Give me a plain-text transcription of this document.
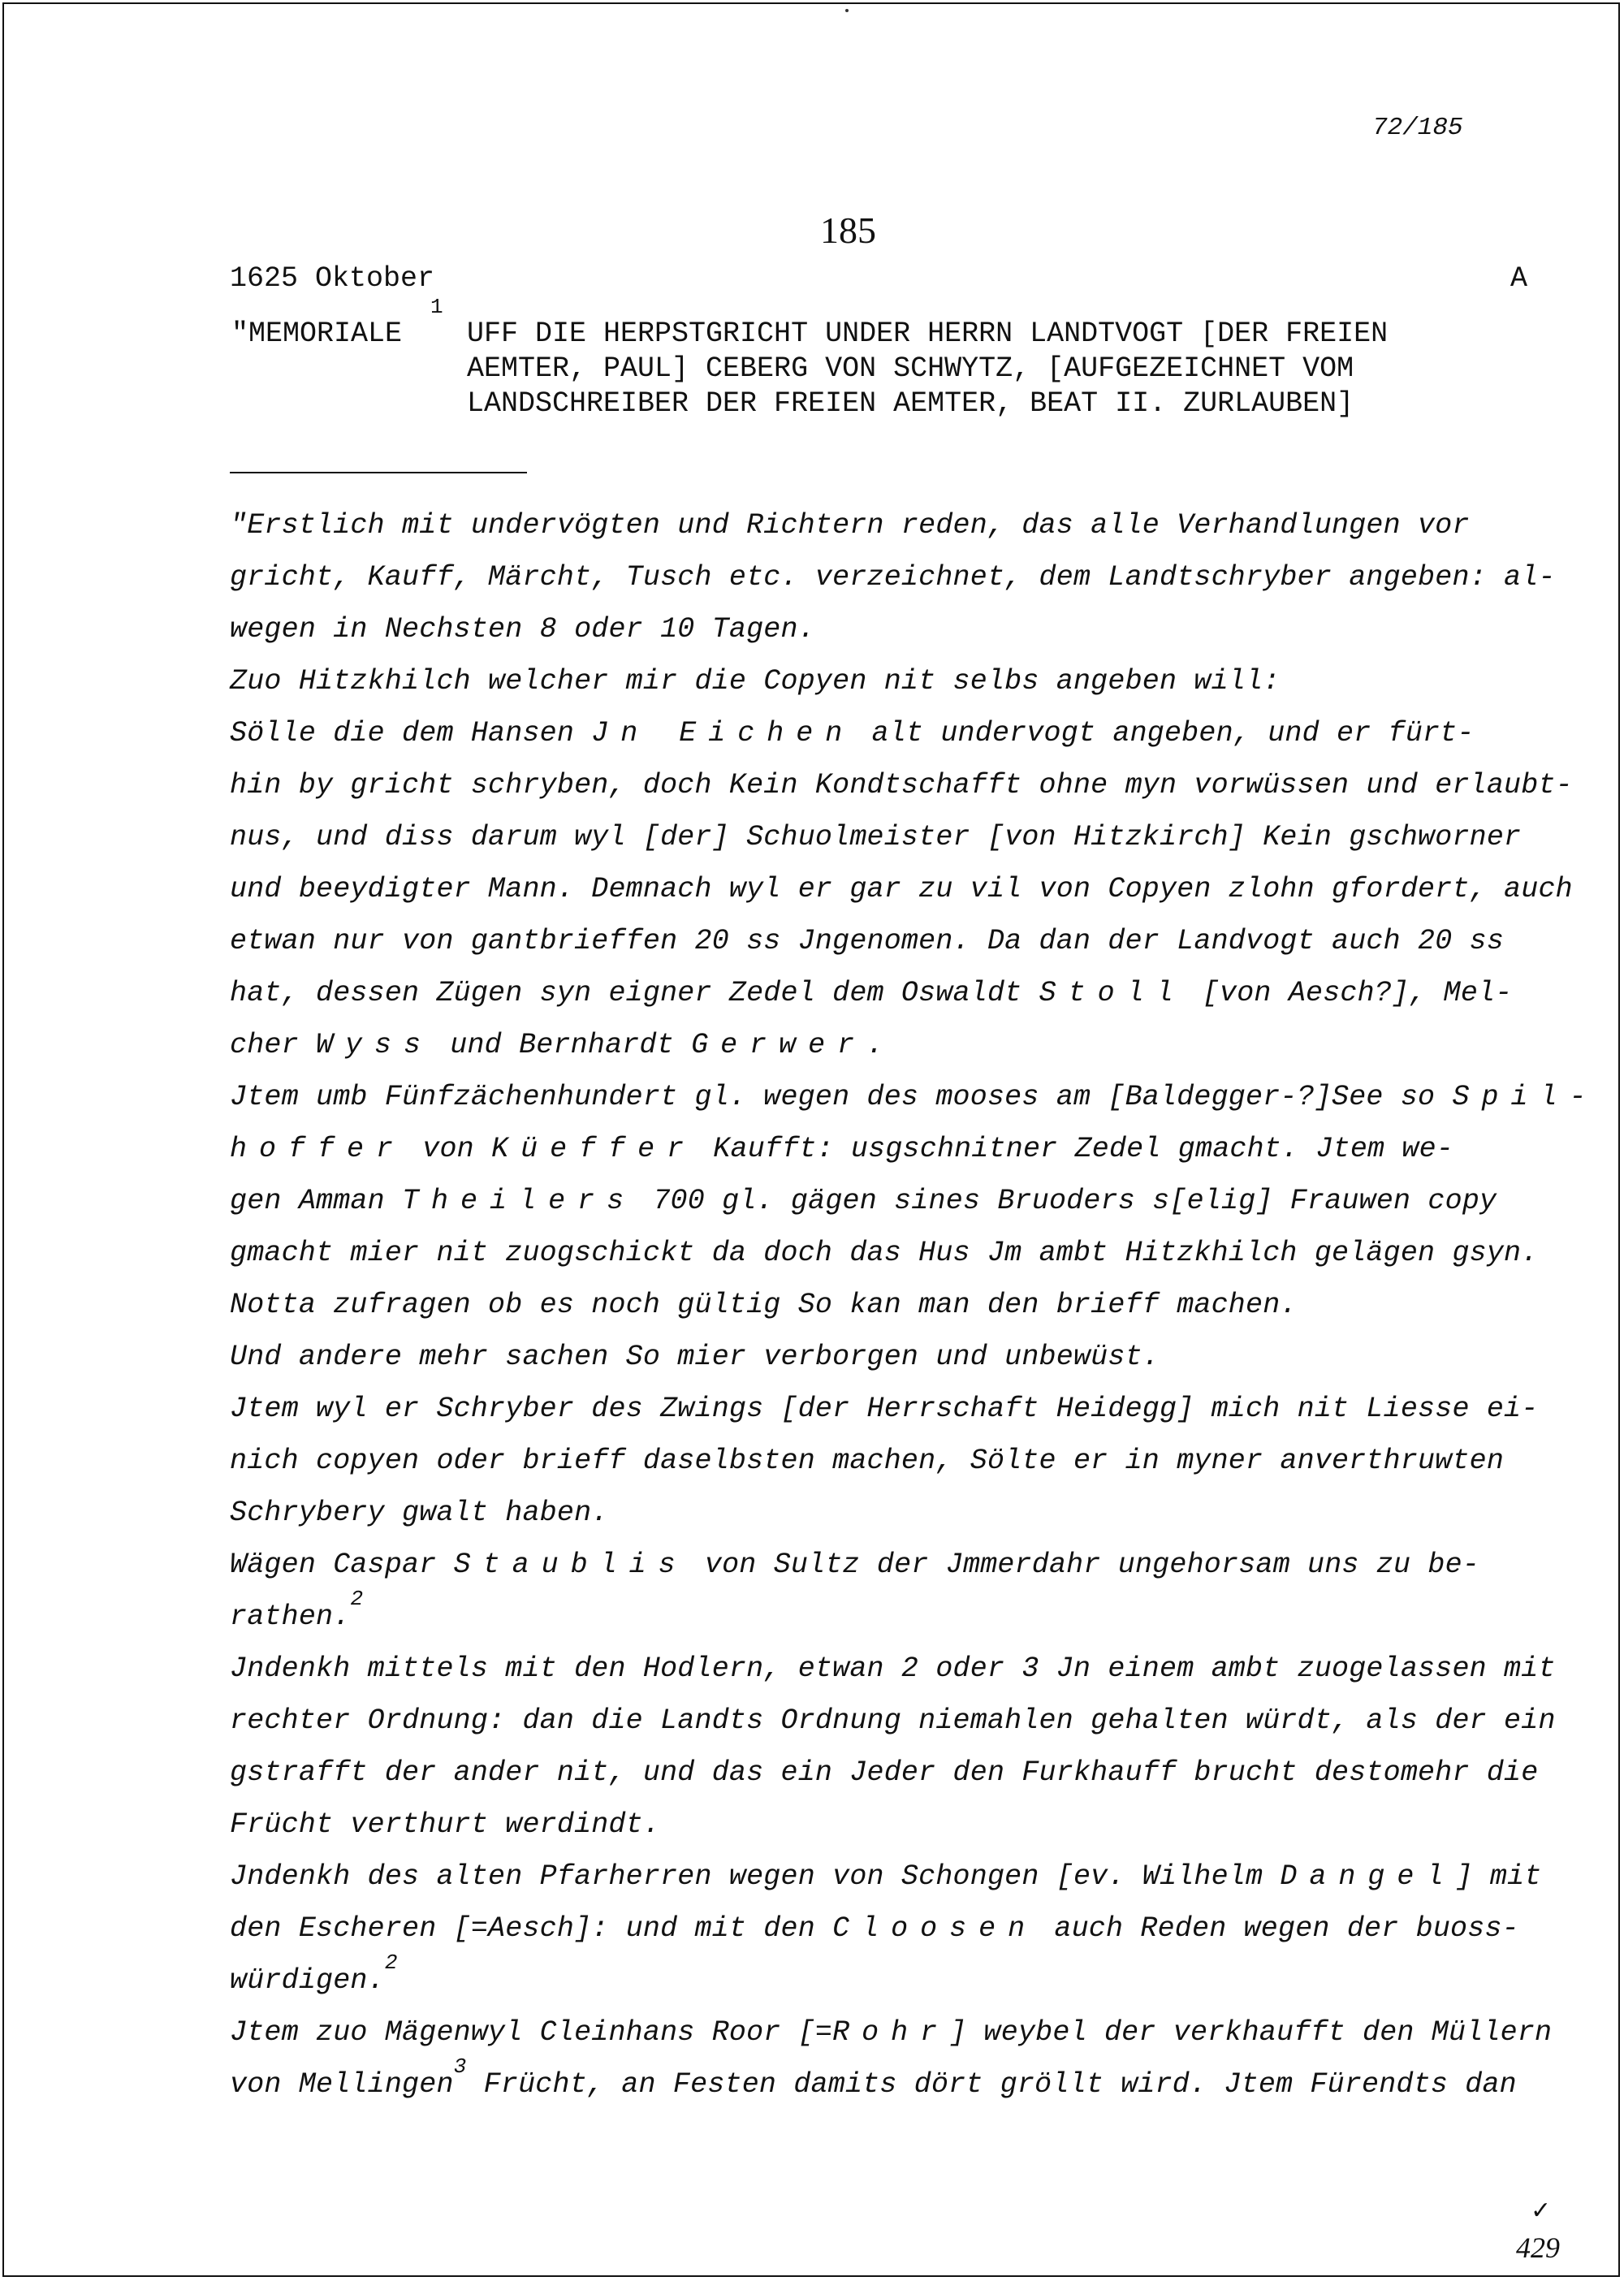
72/185
185
1625 Oktober	A
"MEMORIALE
1
UFF DIE HERPSTGRICHT UNDER HERRN LANDTVOGT [DER FREIEN
AEMTER, PAUL] CEBERG VON SCHWYTZ, [AUFGEZEICHNET VOM
LANDSCHREIBER DER FREIEN AEMTER, BEAT II. ZURLAUBEN]
"Erstlich mit undervögten und Richtern reden, das alle Verhandlungen vor
gricht, Kauff, Märcht, Tusch etc. verzeichnet, dem Landtschryber angeben: al-
wegen in Nechsten 8 oder 10 Tagen.
Zuo Hitzkhilch welcher mir die Copyen nit selbs angeben will:
Sölle die dem Hansen Jn Eichen alt undervogt angeben, und er fürt-
hin by gricht schryben, doch Kein Kondtschafft ohne myn vorwüssen und erlaubt-
nus, und diss darum wyl [der] Schuolmeister [von Hitzkirch] Kein gschworner
und beeydigter Mann. Demnach wyl er gar zu vil von Copyen zlohn gfordert, auch
etwan nur von gantbrieffen 20 ss Jngenomen. Da dan der Landvogt auch 20 ss
hat, dessen Zügen syn eigner Zedel dem Oswaldt Stoll [von Aesch?], Mel-
cher Wyss und Bernhardt Gerwer.
Jtem umb Fünfzächenhundert gl. wegen des mooses am [Baldegger-?]See so Spil-
hoffer von Küeffer Kaufft: usgschnitner Zedel gmacht. Jtem we-
gen Amman Theilers 700 gl. gägen sines Bruoders s[elig] Frauwen copy
gmacht mier nit zuogschickt da doch das Hus Jm ambt Hitzkhilch gelägen gsyn.
Notta zufragen ob es noch gültig So kan man den brieff machen.
Und andere mehr sachen So mier verborgen und unbewüst.
Jtem wyl er Schryber des Zwings [der Herrschaft Heidegg] mich nit Liesse ei-
nich copyen oder brieff daselbsten machen, Sölte er in myner anverthruwten
Schrybery gwalt haben.
Wägen Caspar Staublis von Sultz der Jmmerdahr ungehorsam uns zu be-
rathen.$^2$
Jndenkh mittels mit den Hodlern, etwan 2 oder 3 Jn einem ambt zuogelassen mit
rechter Ordnung: dan die Landts Ordnung niemahlen gehalten würdt, als der ein
gstrafft der ander nit, und das ein Jeder den Furkhauff brucht destomehr die
Frücht verthurt werdindt.
Jndenkh des alten Pfarherren wegen von Schongen [ev. Wilhelm Dangel] mit
den Escheren [=Aesch]: und mit den Cloosen auch Reden wegen der buoss-
würdigen.$^2$
Jtem zuo Mägenwyl Cleinhans Roor [=Rohr] weybel der verkhaufft den Müllern
von Mellingen$^3$ Frücht, an Festen damits dört gröllt wird. Jtem Fürendts dan
✓
429
